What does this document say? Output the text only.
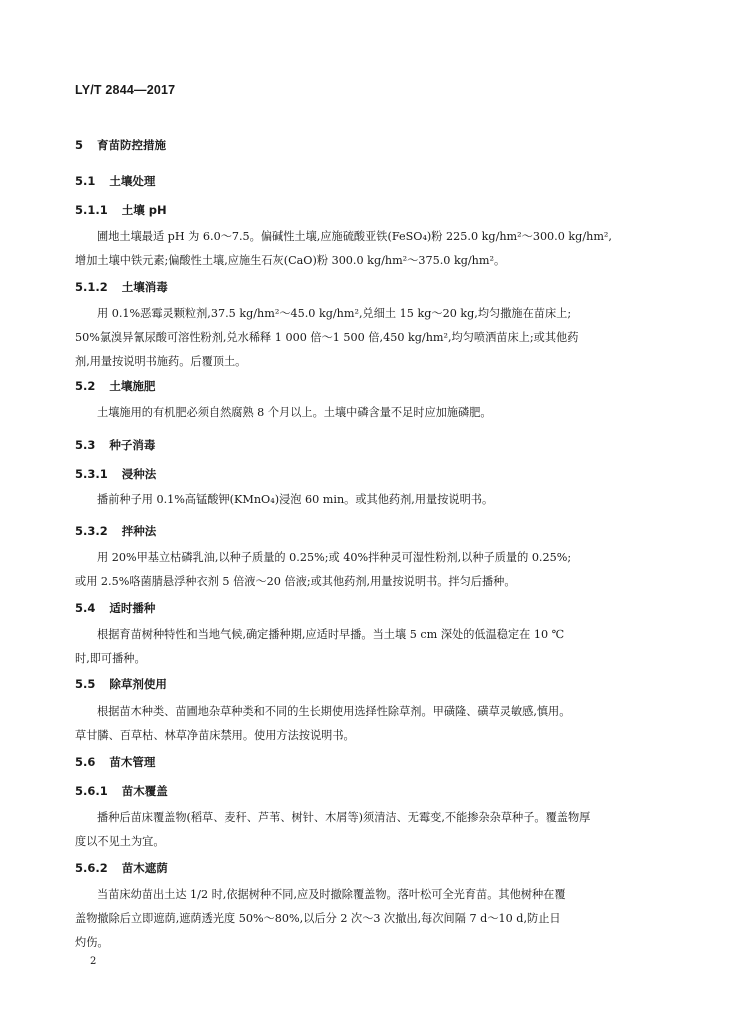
LY/T 2844—2017
5 育苗防控措施
5.1 土壤处理
5.1.1 土壤 pH
圃地土壤最适 pH 为 6.0～7.5。偏碱性土壤,应施硫酸亚铁(FeSO₄)粉 225.0 kg/hm²～300.0 kg/hm²,
增加土壤中铁元素;偏酸性土壤,应施生石灰(CaO)粉 300.0 kg/hm²～375.0 kg/hm²。
5.1.2 土壤消毒
用 0.1%恶霉灵颗粒剂,37.5 kg/hm²～45.0 kg/hm²,兑细土 15 kg～20 kg,均匀撒施在苗床上;
50%氯溴异氰尿酸可溶性粉剂,兑水稀释 1 000 倍～1 500 倍,450 kg/hm²,均匀喷洒苗床上;或其他药
剂,用量按说明书施药。后覆顶土。
5.2 土壤施肥
土壤施用的有机肥必须自然腐熟 8 个月以上。土壤中磷含量不足时应加施磷肥。
5.3 种子消毒
5.3.1 浸种法
播前种子用 0.1%高锰酸钾(KMnO₄)浸泡 60 min。或其他药剂,用量按说明书。
5.3.2 拌种法
用 20%甲基立枯磷乳油,以种子质量的 0.25%;或 40%拌种灵可湿性粉剂,以种子质量的 0.25%;
或用 2.5%咯菌腈悬浮种衣剂 5 倍液～20 倍液;或其他药剂,用量按说明书。拌匀后播种。
5.4 适时播种
根据育苗树种特性和当地气候,确定播种期,应适时早播。当土壤 5 cm 深处的低温稳定在 10 ℃
时,即可播种。
5.5 除草剂使用
根据苗木种类、苗圃地杂草种类和不同的生长期使用选择性除草剂。甲磺隆、磺草灵敏感,慎用。
草甘膦、百草枯、林草净苗床禁用。使用方法按说明书。
5.6 苗木管理
5.6.1 苗木覆盖
播种后苗床覆盖物(稻草、麦秆、芦苇、树针、木屑等)须清洁、无霉变,不能掺杂杂草种子。覆盖物厚
度以不见土为宜。
5.6.2 苗木遮荫
当苗床幼苗出土达 1/2 时,依据树种不同,应及时撤除覆盖物。落叶松可全光育苗。其他树种在覆
盖物撤除后立即遮荫,遮荫透光度 50%～80%,以后分 2 次～3 次撤出,每次间隔 7 d～10 d,防止日
灼伤。
2
